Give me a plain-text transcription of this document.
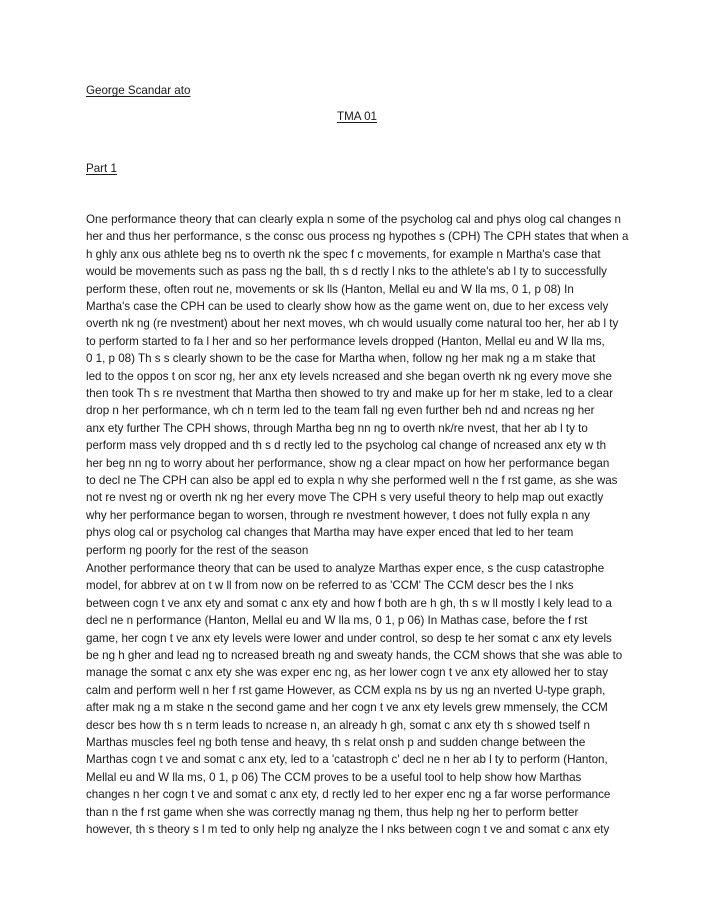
George Scandar ato
TMA 01
Part 1
One performance theory that can clearly expla n some of the psycholog cal and phys olog cal changes n
her and thus her performance, s the consc ous process ng hypothes s (CPH) The CPH states that when a
h ghly anx ous athlete beg ns to overth nk the spec f c movements, for example n Martha's case that
would be movements such as pass ng the ball, th s d rectly l nks to the athlete's ab l ty to successfully
perform these, often rout ne, movements or sk lls (Hanton, Mellal eu and W lla ms, 0 1, p 08) In
Martha's case the CPH can be used to clearly show how as the game went on, due to her excess vely
overth nk ng (re nvestment) about her next moves, wh ch would usually come natural too her, her ab l ty
to perform started to fa l her and so her performance levels dropped (Hanton, Mellal eu and W lla ms,
0 1, p 08) Th s s clearly shown to be the case for Martha when, follow ng her mak ng a m stake that
led to the oppos t on scor ng, her anx ety levels ncreased and she began overth nk ng every move she
then took Th s re nvestment that Martha then showed to try and make up for her m stake, led to a clear
drop n her performance, wh ch n term led to the team fall ng even further beh nd and ncreas ng her
anx ety further The CPH shows, through Martha beg nn ng to overth nk/re nvest, that her ab l ty to
perform mass vely dropped and th s d rectly led to the psycholog cal change of ncreased anx ety w th
her beg nn ng to worry about her performance, show ng a clear mpact on how her performance began
to decl ne The CPH can also be appl ed to expla n why she performed well n the f rst game, as she was
not re nvest ng or overth nk ng her every move The CPH s very useful theory to help map out exactly
why her performance began to worsen, through re nvestment however, t does not fully expla n any
phys olog cal or psycholog cal changes that Martha may have exper enced that led to her team
perform ng poorly for the rest of the season
Another performance theory that can be used to analyze Marthas exper ence, s the cusp catastrophe
model, for abbrev at on t w ll from now on be referred to as 'CCM' The CCM descr bes the l nks
between cogn t ve anx ety and somat c anx ety and how f both are h gh, th s w ll mostly l kely lead to a
decl ne n performance (Hanton, Mellal eu and W lla ms, 0 1, p 06) In Mathas case, before the f rst
game, her cogn t ve anx ety levels were lower and under control, so desp te her somat c anx ety levels
be ng h gher and lead ng to ncreased breath ng and sweaty hands, the CCM shows that she was able to
manage the somat c anx ety she was exper enc ng, as her lower cogn t ve anx ety allowed her to stay
calm and perform well n her f rst game However, as CCM expla ns by us ng an nverted U-type graph,
after mak ng a m stake n the second game and her cogn t ve anx ety levels grew mmensely, the CCM
descr bes how th s n term leads to ncrease n, an already h gh, somat c anx ety th s showed tself n
Marthas muscles feel ng both tense and heavy, th s relat onsh p and sudden change between the
Marthas cogn t ve and somat c anx ety, led to a 'catastroph c' decl ne n her ab l ty to perform (Hanton,
Mellal eu and W lla ms, 0 1, p 06) The CCM proves to be a useful tool to help show how Marthas
changes n her cogn t ve and somat c anx ety, d rectly led to her exper enc ng a far worse performance
than n the f rst game when she was correctly manag ng them, thus help ng her to perform better
however, th s theory s l m ted to only help ng analyze the l nks between cogn t ve and somat c anx ety
